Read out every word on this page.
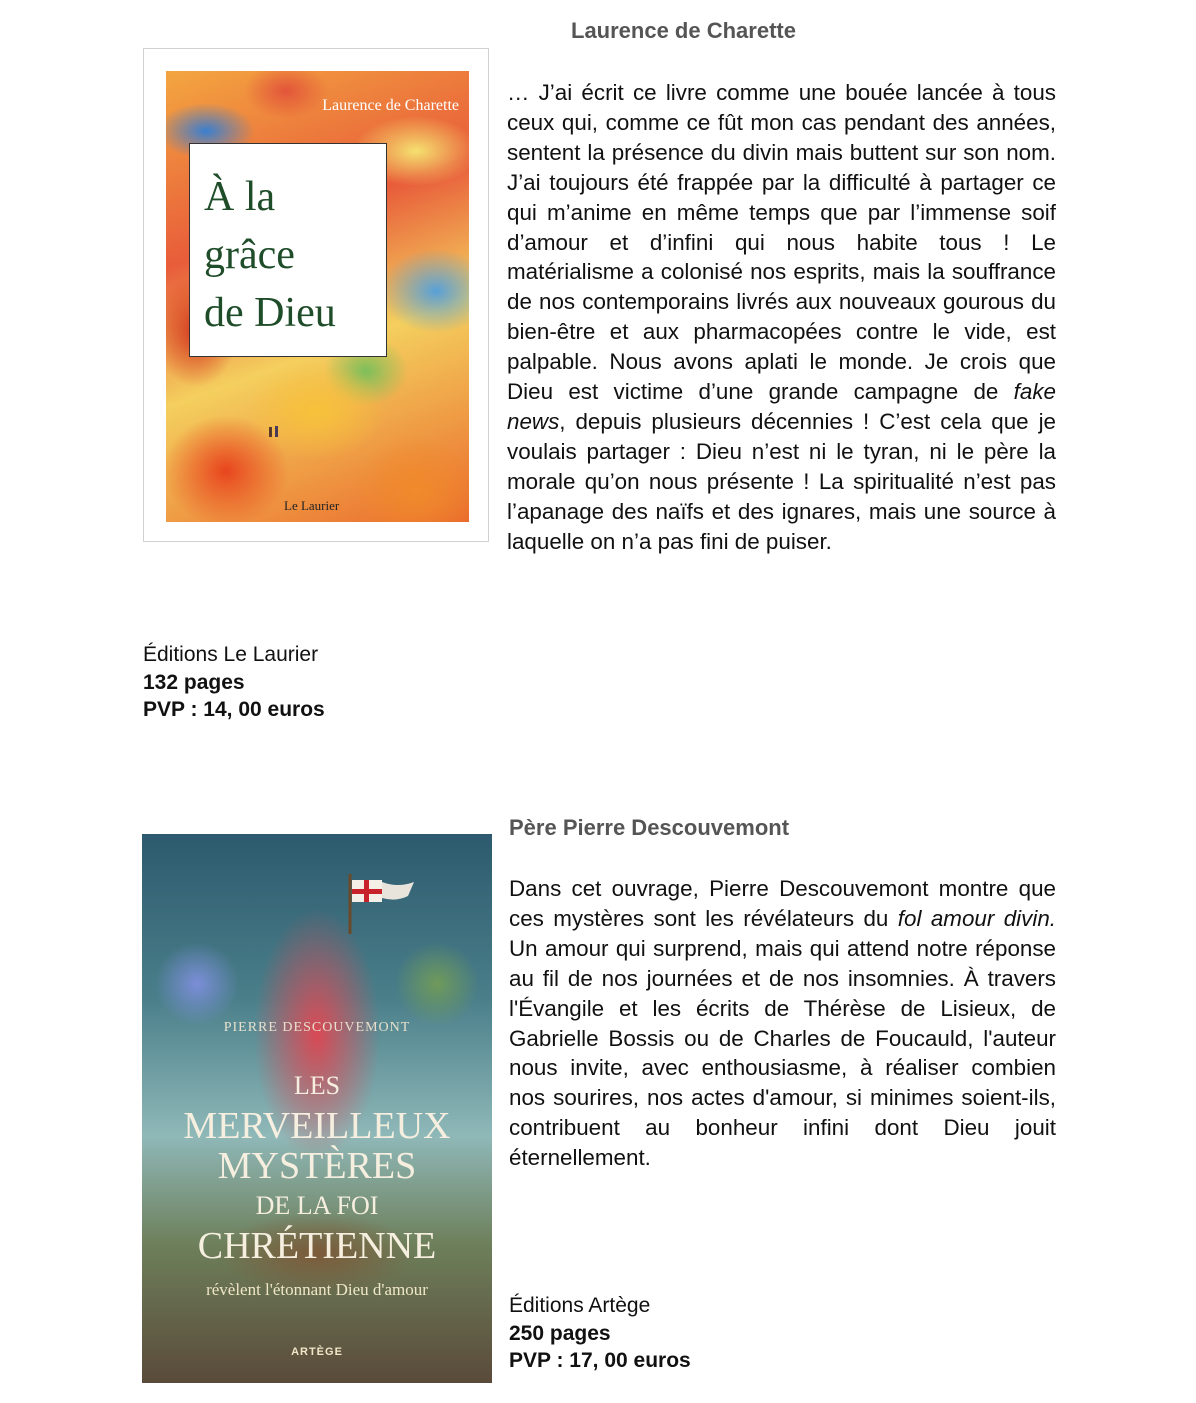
Laurence de Charette
Laurence de Charette

À la

grâce

de Dieu

Le Laurier
… J’ai écrit ce livre comme une bouée lancée à tous ceux qui, comme ce fût mon cas pendant des années, sentent la présence du divin mais buttent sur son nom. J’ai toujours été frappée par la difficulté à partager ce qui m’anime en même temps que par l’immense soif d’amour et d’infini qui nous habite tous ! Le matérialisme a colonisé nos esprits, mais la souffrance de nos contemporains livrés aux nouveaux gourous du bien-être et aux pharmacopées contre le vide, est palpable. Nous avons aplati le monde. Je crois que Dieu est victime d’une grande campagne de fake news, depuis plusieurs décennies ! C’est cela que je voulais partager : Dieu n’est ni le tyran, ni le père la morale qu’on nous présente ! La spiritualité n’est pas l’apanage des naïfs et des ignares, mais une source à laquelle on n’a pas fini de puiser.
Éditions Le Laurier
132 pages
PVP : 14, 00 euros
PIERRE DESCOUVEMONT
LES
MERVEILLEUX
MYSTÈRES
DE LA FOI
CHRÉTIENNE
révèlent l'étonnant Dieu d'amour
ARTÈGE
Père Pierre Descouvemont
Dans cet ouvrage, Pierre Descouvemont montre que ces mystères sont les révélateurs du fol amour divin. Un amour qui surprend, mais qui attend notre réponse au fil de nos journées et de nos insomnies. À travers l'Évangile et les écrits de Thérèse de Lisieux, de Gabrielle Bossis ou de Charles de Foucauld, l'auteur nous invite, avec enthousiasme, à réaliser combien nos sourires, nos actes d'amour, si minimes soient-ils, contribuent au bonheur infini dont Dieu jouit éternellement.
Éditions Artège
250 pages
PVP : 17, 00 euros
